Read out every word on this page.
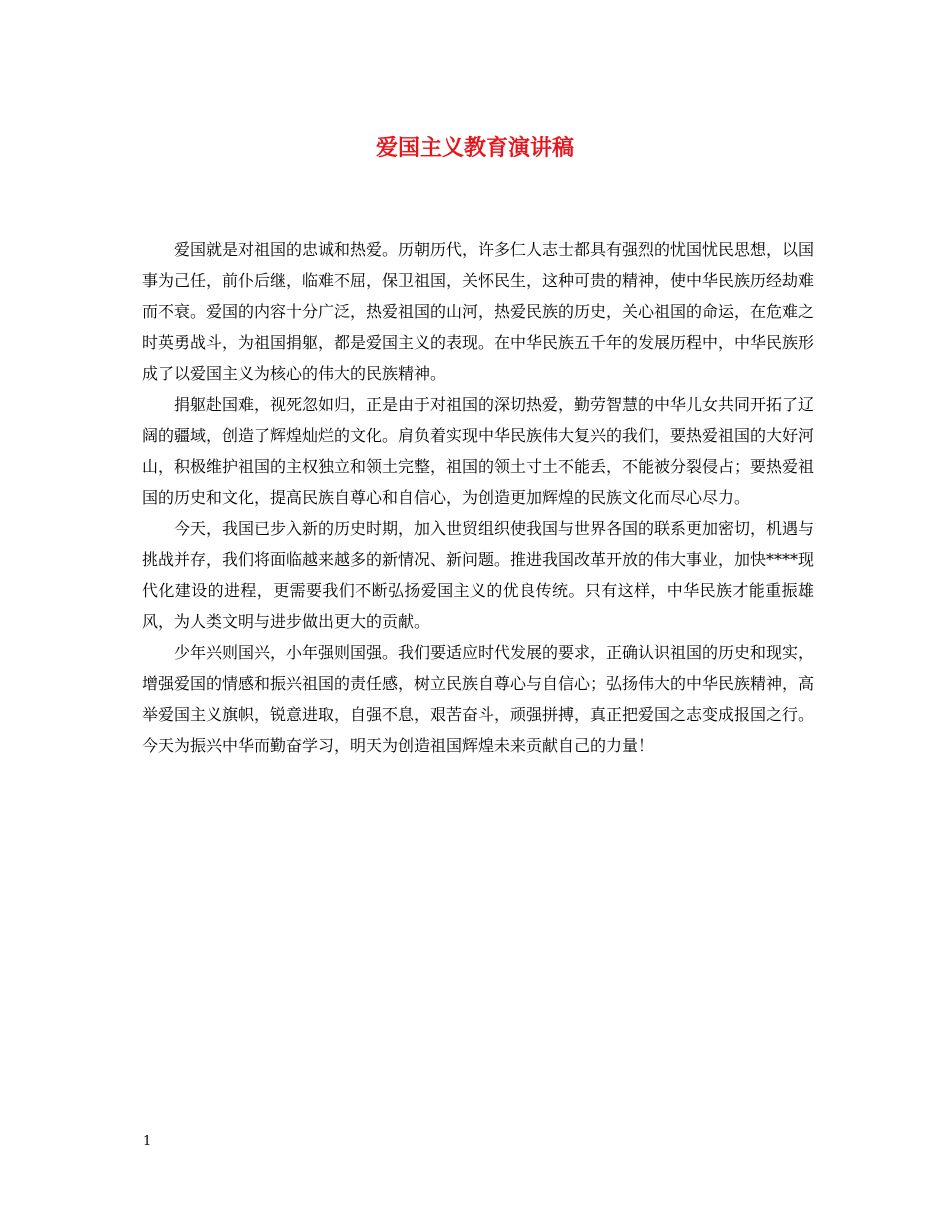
爱国主义教育演讲稿

爱国就是对祖国的忠诚和热爱。历朝历代，许多仁人志士都具有强烈的忧国忧民思想，以国事为己任，前仆后继，临难不屈，保卫祖国，关怀民生，这种可贵的精神，使中华民族历经劫难而不衰。爱国的内容十分广泛，热爱祖国的山河，热爱民族的历史，关心祖国的命运，在危难之时英勇战斗，为祖国捐躯，都是爱国主义的表现。在中华民族五千年的发展历程中，中华民族形成了以爱国主义为核心的伟大的民族精神。

捐躯赴国难，视死忽如归，正是由于对祖国的深切热爱，勤劳智慧的中华儿女共同开拓了辽阔的疆域，创造了辉煌灿烂的文化。肩负着实现中华民族伟大复兴的我们，要热爱祖国的大好河山，积极维护祖国的主权独立和领土完整，祖国的领土寸土不能丢，不能被分裂侵占；要热爱祖国的历史和文化，提高民族自尊心和自信心，为创造更加辉煌的民族文化而尽心尽力。

今天，我国已步入新的历史时期，加入世贸组织使我国与世界各国的联系更加密切，机遇与挑战并存，我们将面临越来越多的新情况、新问题。推进我国改革开放的伟大事业，加快****现代化建设的进程，更需要我们不断弘扬爱国主义的优良传统。只有这样，中华民族才能重振雄风，为人类文明与进步做出更大的贡献。

少年兴则国兴，小年强则国强。我们要适应时代发展的要求，正确认识祖国的历史和现实，增强爱国的情感和振兴祖国的责任感，树立民族自尊心与自信心；弘扬伟大的中华民族精神，高举爱国主义旗帜，锐意进取，自强不息，艰苦奋斗，顽强拼搏，真正把爱国之志变成报国之行。今天为振兴中华而勤奋学习，明天为创造祖国辉煌未来贡献自己的力量！

1
